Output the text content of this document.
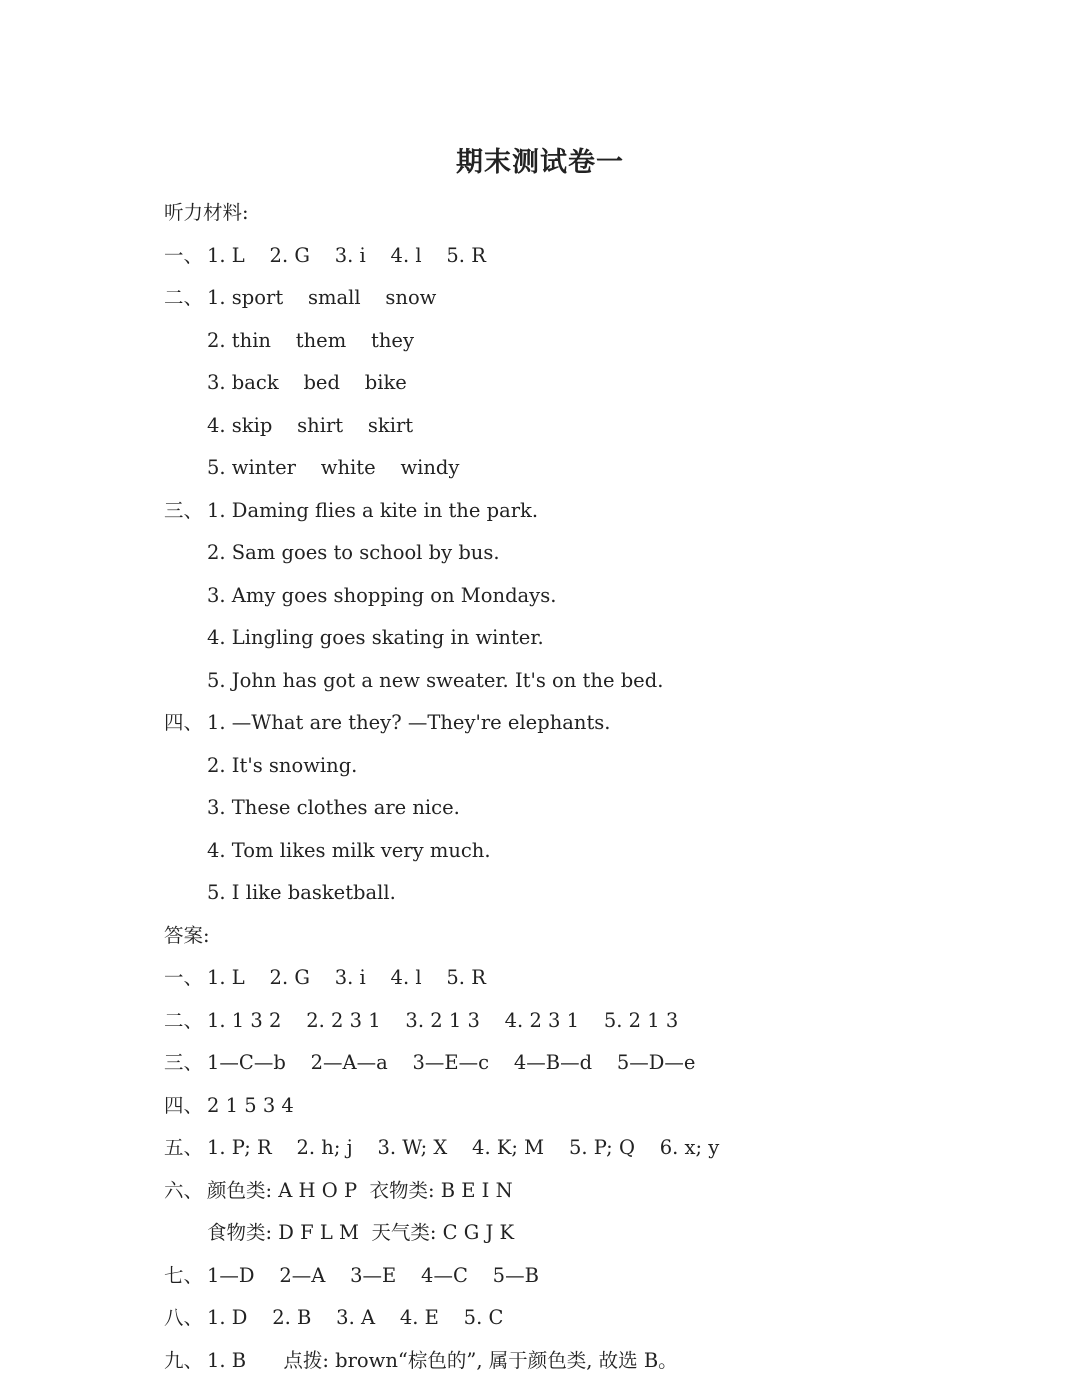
期末测试卷一
听力材料:
一、 1. L    2. G    3. i    4. l    5. R
二、 1. sport    small    snow
2. thin    them    they
3. back    bed    bike
4. skip    shirt    skirt
5. winter    white    windy
三、 1. Daming flies a kite in the park.
2. Sam goes to school by bus.
3. Amy goes shopping on Mondays.
4. Lingling goes skating in winter.
5. John has got a new sweater. It's on the bed.
四、 1. —What are they? —They're elephants.
2. It's snowing.
3. These clothes are nice.
4. Tom likes milk very much.
5. I like basketball.
答案:
一、 1. L    2. G    3. i    4. l    5. R
二、 1. 1 3 2    2. 2 3 1    3. 2 1 3    4. 2 3 1    5. 2 1 3
三、 1—C—b    2—A—a    3—E—c    4—B—d    5—D—e
四、 2 1 5 3 4
五、 1. P; R    2. h; j    3. W; X    4. K; M    5. P; Q    6. x; y
六、 颜色类: A H O P  衣物类: B E I N
食物类: D F L M  天气类: C G J K
七、 1—D    2—A    3—E    4—C    5—B
八、 1. D    2. B    3. A    4. E    5. C
九、 1. B      点拨: brown“棕色的”, 属于颜色类, 故选 B。
